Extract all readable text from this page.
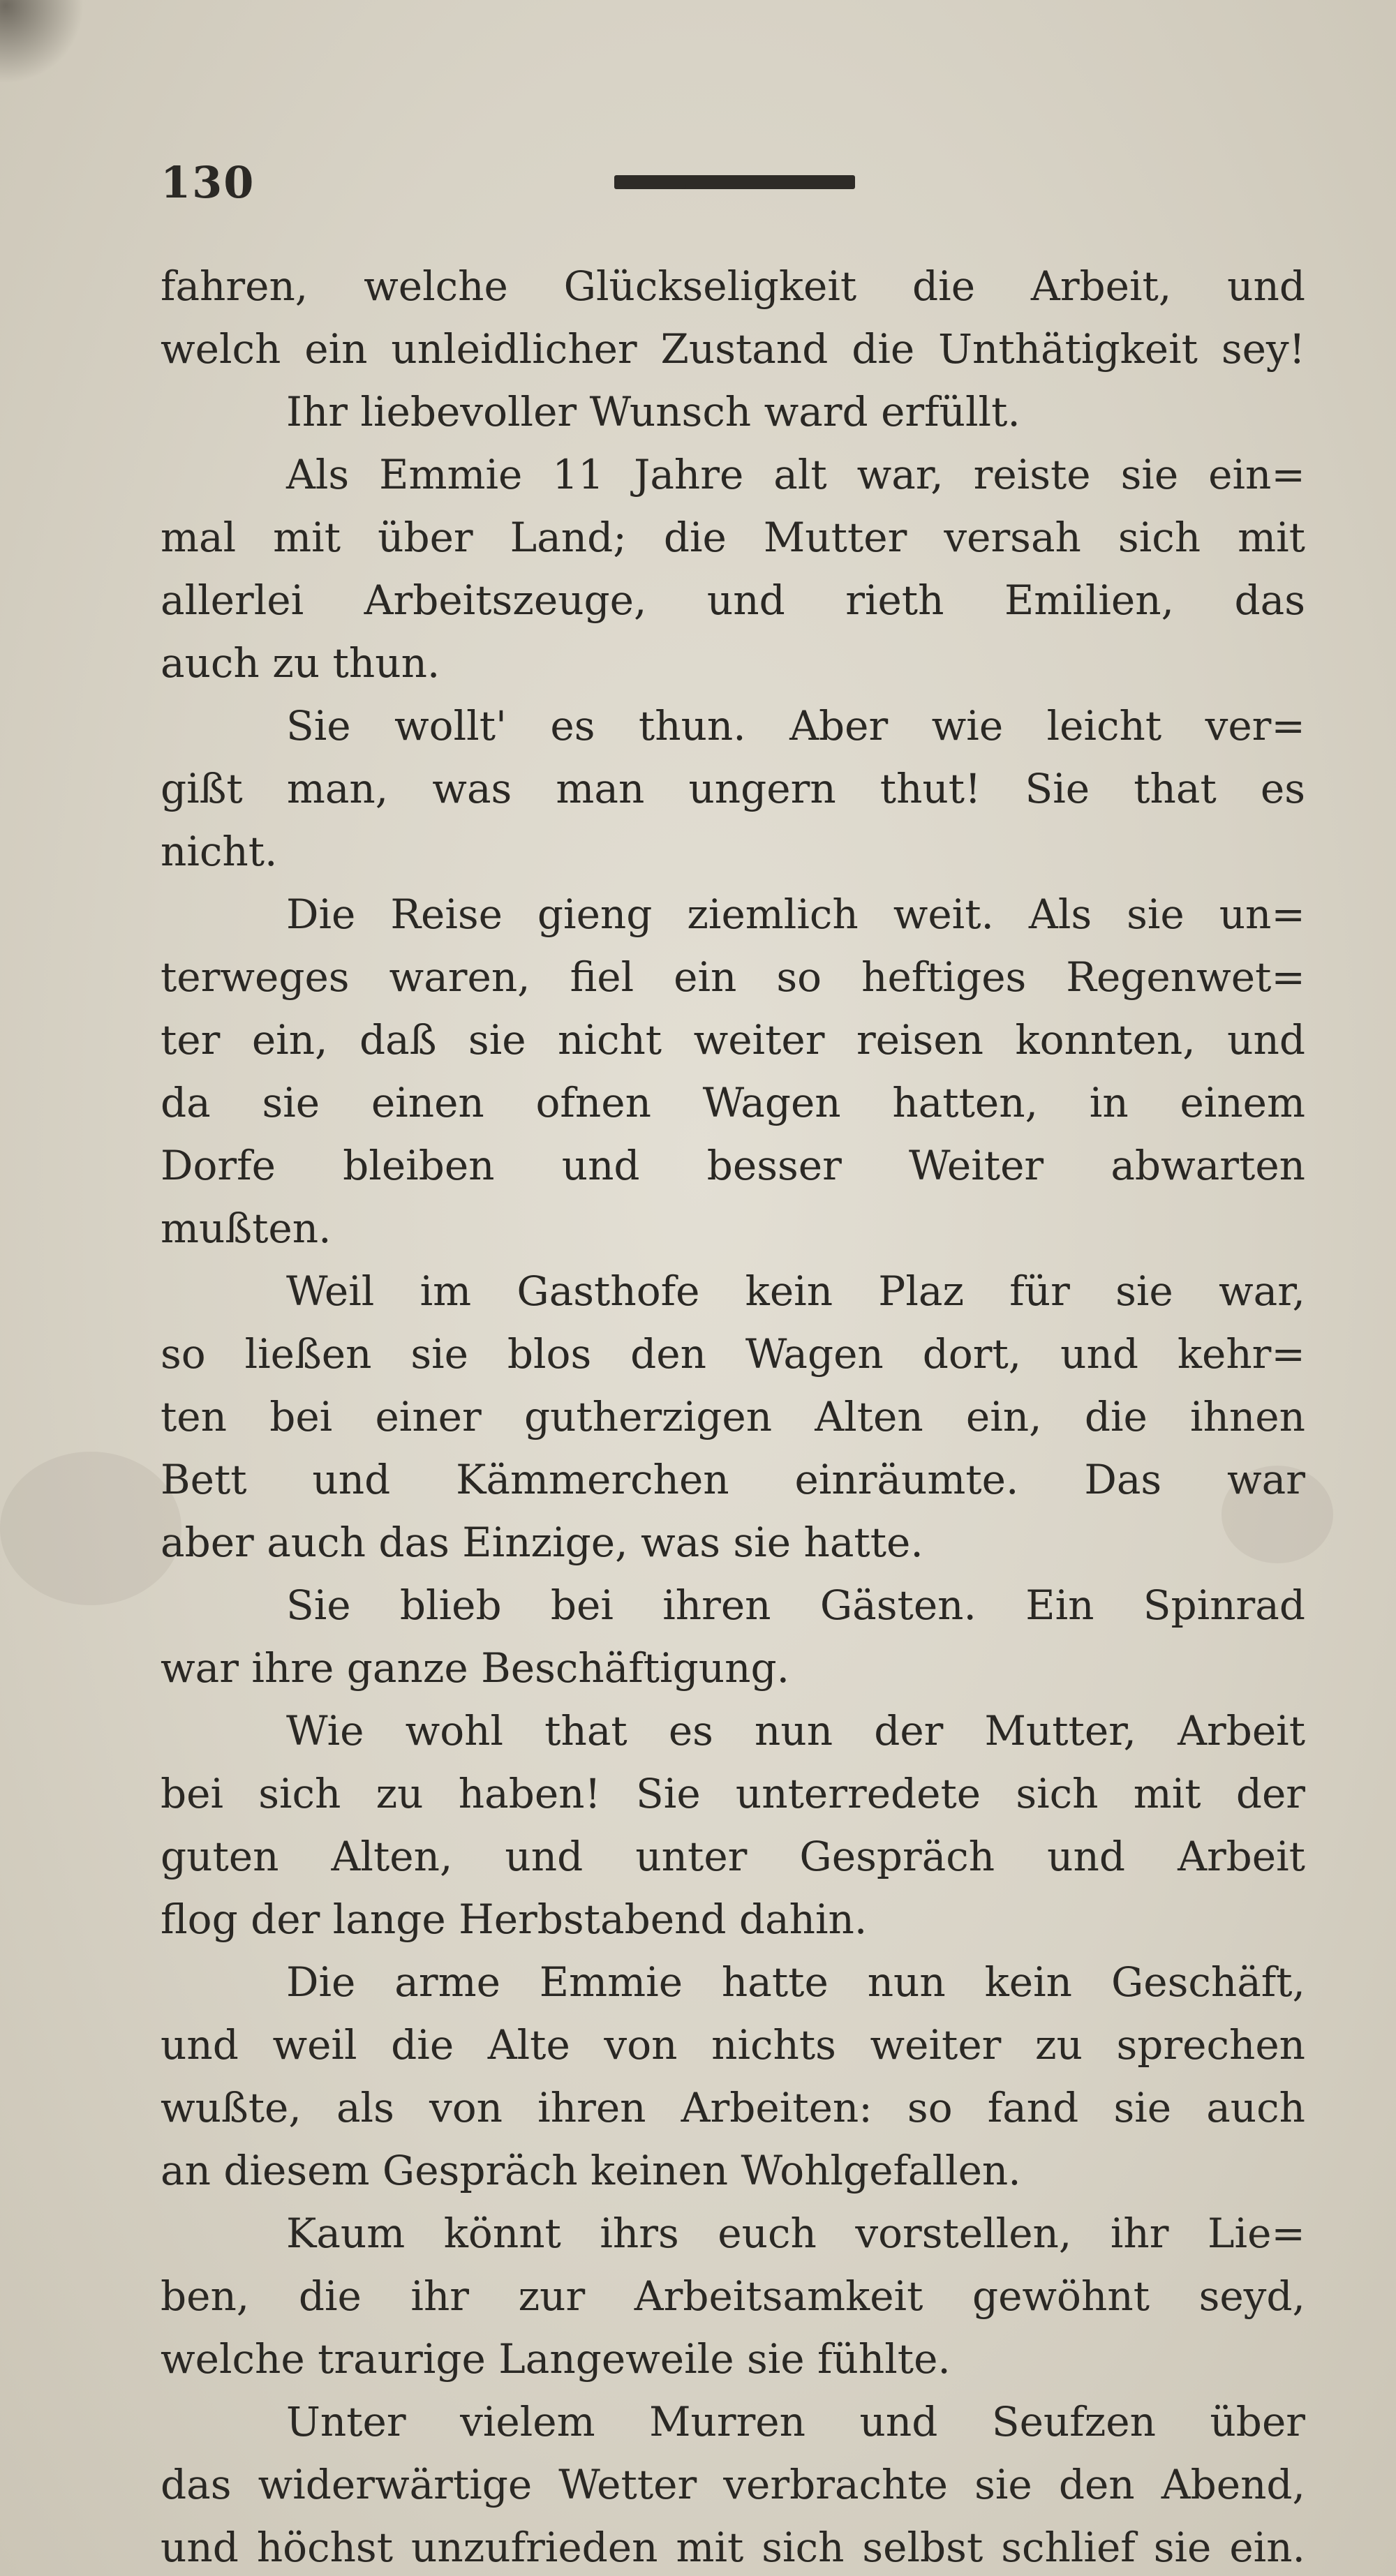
130
fahren, welche Glückseligkeit die Arbeit, und
welch ein unleidlicher Zustand die Unthätigkeit sey!
Ihr liebevoller Wunsch ward erfüllt.
Als Emmie 11 Jahre alt war, reiste sie ein=
mal mit über Land; die Mutter versah sich mit
allerlei Arbeitszeuge, und rieth Emilien, das
auch zu thun.
Sie wollt' es thun. Aber wie leicht ver=
gißt man, was man ungern thut! Sie that es
nicht.
Die Reise gieng ziemlich weit. Als sie un=
terweges waren, fiel ein so heftiges Regenwet=
ter ein, daß sie nicht weiter reisen konnten, und
da sie einen ofnen Wagen hatten, in einem
Dorfe bleiben und besser Weiter abwarten
mußten.
Weil im Gasthofe kein Plaz für sie war,
so ließen sie blos den Wagen dort, und kehr=
ten bei einer gutherzigen Alten ein, die ihnen
Bett und Kämmerchen einräumte. Das war
aber auch das Einzige, was sie hatte.
Sie blieb bei ihren Gästen. Ein Spinrad
war ihre ganze Beschäftigung.
Wie wohl that es nun der Mutter, Arbeit
bei sich zu haben! Sie unterredete sich mit der
guten Alten, und unter Gespräch und Arbeit
flog der lange Herbstabend dahin.
Die arme Emmie hatte nun kein Geschäft,
und weil die Alte von nichts weiter zu sprechen
wußte, als von ihren Arbeiten: so fand sie auch
an diesem Gespräch keinen Wohlgefallen.
Kaum könnt ihrs euch vorstellen, ihr Lie=
ben, die ihr zur Arbeitsamkeit gewöhnt seyd,
welche traurige Langeweile sie fühlte.
Unter vielem Murren und Seufzen über
das widerwärtige Wetter verbrachte sie den Abend,
und höchst unzufrieden mit sich selbst schlief sie ein.
